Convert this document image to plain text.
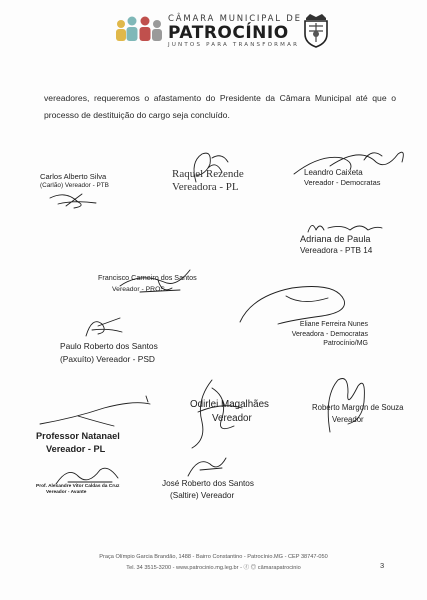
CÂMARA MUNICIPAL DE
PATROCÍNIO
JUNTOS PARA TRANSFORMAR
vereadores, requeremos o afastamento do Presidente da Câmara Municipal até que o processo de destituição do cargo seja concluído.
Carlos Alberto Silva
(Carlão) Vereador - PTB
Raquel Rezende
Vereadora - PL
Leandro Caixeta
Vereador - Democratas
Adriana de Paula
Vereadora - PTB 14
Francisco Carneiro dos Santos
Vereador - PROS
Eliane Ferreira Nunes
Vereadora - Democratas
Patrocínio/MG
Paulo Roberto dos Santos
(Paxuíto) Vereador - PSD
Odirlei Magalhães
Vereador
Roberto Margon de Souza
Vereador
Professor Natanael
Vereador - PL
Prof. Alexandre Vitor Caldas da Cruz
Vereador - Avante
José Roberto dos Santos
(Saltire) Vereador
Praça Olímpio Garcia Brandão, 1488 - Bairro Constantino - Patrocínio.MG - CEP 38747-050
Tel. 34 3515-3200 - www.patrocinio.mg.leg.br - ⓕ ◎ câmarapatrocinio	3
